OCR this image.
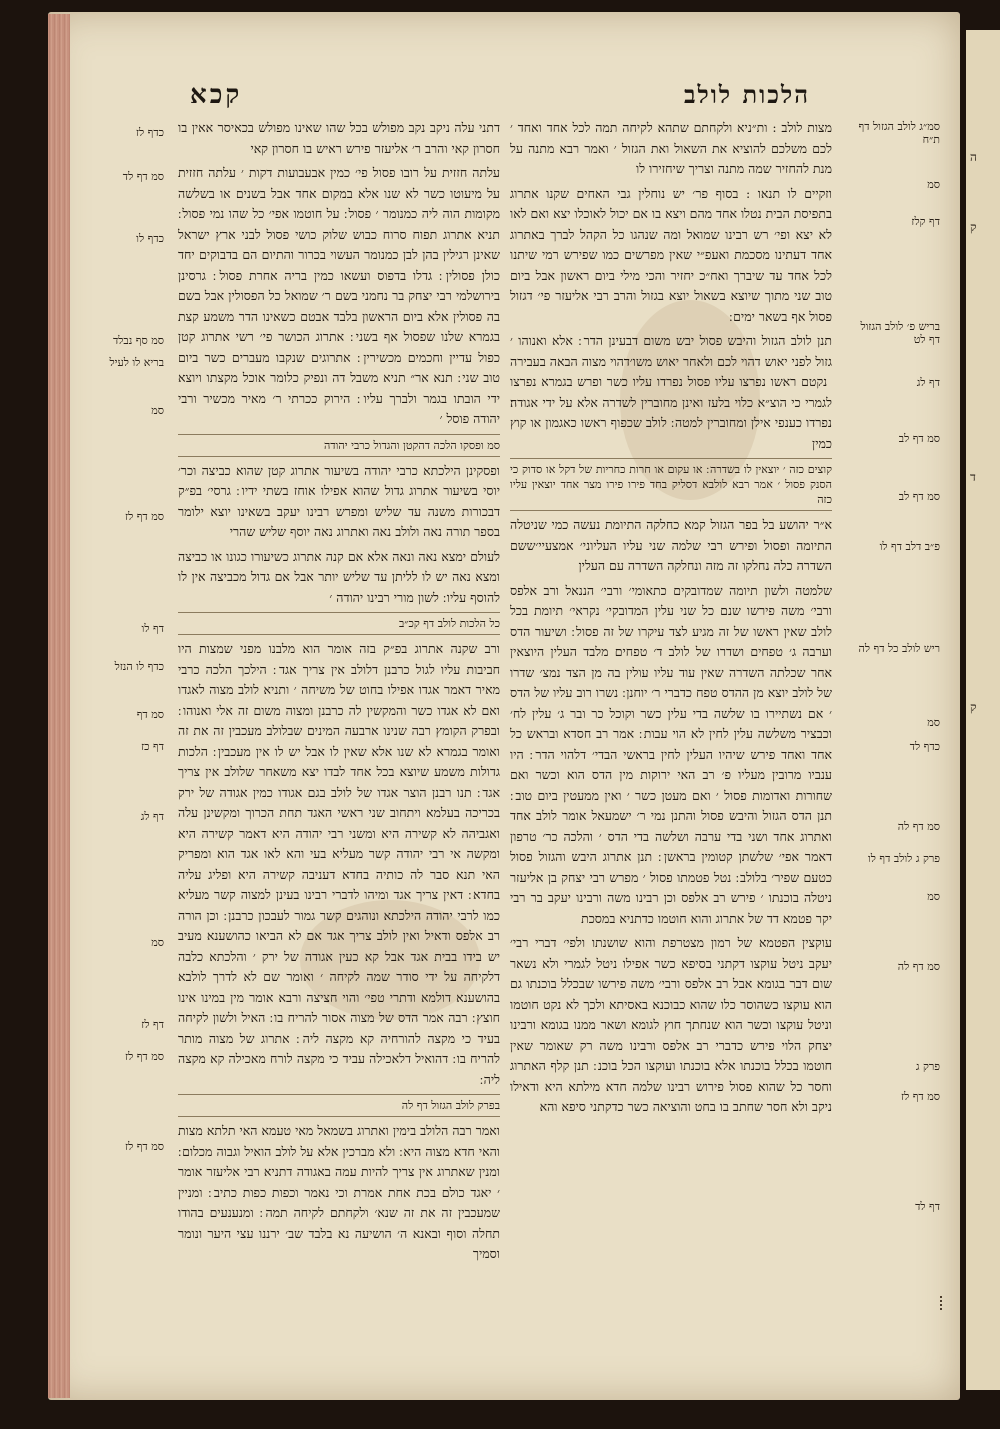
ה
ק
ד
ק
הלכות לולב
קכא

מצות לולב : ות״ניא ולקחתם שתהא לקיחה תמה לכל אחד ואחד ׳ לכם משלכם להוציא את השאול ואת הגזול ׳ ואמר רבא מתנה על מנת להחזיר שמה מתנה וצריך שיחזירו לו

וזקיים לו תנאו : בסוף פר׳ יש נוחלין גבי האחים שקנו אתרוג בתפיסת הבית נטלו אחד מהם ויצא בו אם יכול לאוכלו יצא ואם לאו לא יצא ופי׳ רש רבינו שמואל ומה שנהגו כל הקהל לברך באתרוג אחד דעתינו מסכמת ואעפ״י שאין מפרשים כמו שפירש רמי שיתנו לכל אחד עד שיברך ואח״כ יחזיר והכי מילי ביום ראשון אבל ביום טוב שני מתוך שיוצא בשאול יוצא בגזול והרב רבי אליעזר פי׳ דגזול פסול אף בשאר ימים ׃

תנן לולב הגזול והיבש פסול יבש משום דבעינן הדר ׃ אלא ואנוהו ׳ גזול לפני יאוש דהוי לכם ולאחר יאוש משו׳דהוי מצוה הבאה בעבירה ׃ נקטם ראשו נפרצו עליו פסול נפרדו עליו כשר ופרש בגמרא נפרצו לגמרי כי הוצ״א כלוי בלעז ואינן מחוברין לשדרה אלא על ידי אגודה׃ נפרדו כענפי אילן ומחוברין למטה ׃ לולב שכפוף ראשו כאגמון או קוץ כמין

קוצים כזה ׳ יוצאין לו בשדרה ׃ או עקום או חרות כחריות של דקל או סדוק כי הסנק פסול ׳ אמר רבא לולבא דסליק בחד פירו פירו מצר אחד יוצאין עליו כזה

א״ר יהושע בל בפר הגזול קמא כחלקה התיומת נעשה כמי שניטלה התיומה ופסול ופירש רבי שלמה שני עליו העליוני׳ אמצעיי׳ששם השדרה כלה נחלקו זה מזה ונחלקה השדרה עם העלין

שלמטה ולשון תיומה שמדובקים כתאומי׳ ורבי׳ הננאל ורב אלפס ורבי׳ משה פירשו שנם כל שני עלין המדובקי׳ נקראי׳ תיומת בכל לולב שאין ראשו של זה מגיע לצד עיקרו של זה פסול ׃ ושיעור הדס וערבה ג׳ טפחים ושדרו של לולב ד׳ טפחים מלבד העלין היוצאין אחר שכלתה השדרה שאין עוד עליו עולין בה מן הצד נמצ׳ שדרו של לולב יוצא מן ההדס טפח כדברי ר׳ יוחנן ׃ נשרו רוב עליו של הדס ׳ אם נשתיירו בו שלשה בדי עלין כשר וקוכל כר ובר ג׳ עלין לח׳ וכבציר משלשה עלין לחין לא הוי עבות ׃ אמר רב חסדא ובראש כל אחד ואחד פירש שיהיו העלין לחין בראשי הבדי׳ דלהוי הדר ׃ היו ענביו מרובין מעליו פ׳ רב האי ירוקות מין הדס הוא וכשר ואם שחורות ואדומות פסול ׳ ואם מעטן כשר ׳ ואין ממעטין ביום טוב ׃ תנן הדס הגזול והיבש פסול והתנן נמי ר׳ ישמעאל אומר לולב אחד ואתרוג אחד ושני בדי ערבה ושלשה בדי הדס ׳ והלכה כר׳ טרפון דאמר אפי׳ שלשתן קטומין בראשן ׃ תנן אתרוג היבש והגזול פסול כטעם שפיר׳ בלולב ׃ נטל פטמתו פסול ׳ מפרש רבי יצחק בן אליעזר ניטלה בוכנתו ׳ פירש רב אלפס וכן רבינו משה ורבינו יעקב בר רבי יקר פטמא דד של אתרוג והוא חוטמו כדתניא במסכת

עוקצין הפטמא של רמון מצטרפת והוא שושנתו ולפי׳ דברי רבי׳ יעקב ניטל עוקצו דקתני בסיפא כשר אפילו ניטל לגמרי ולא נשאר שום דבר בגומא אבל רב אלפס ורבי׳ משה פירשו שבכלל בוכנתו גם הוא עוקצו כשהוסר כלו שהוא כבוכנא באסיתא ולכך לא נקט חוטמו וניטל עוקצו וכשר הוא שנחתך חוץ לגומא ושאר ממנו בגומא ורבינו יצחק הלוי פירש כדברי רב אלפס ורבינו משה רק שאומר שאין חוטמו בכלל בוכנתו אלא בוכנתו ועוקצו הכל בוכנ ׃ תנן קלף האתרוג וחסר כל שהוא פסול פירוש רבינו שלמה חדא מילתא היא ודאילו ניקב ולא חסר שחתב בו בחט והוציאה כשר כדקתני סיפא והא

דתני עלה ניקב נקב מפולש בכל שהו שאינו מפולש בכאיסר אאין בו חסרון קאי והרב ר׳ אליעזר פירש ראיש בו חסרון קאי

עלתה חזזית על רובו פסול פי׳ כמין אבעבועות דקות ׳ עלתה חזזית על מיעוטו כשר לא שנו אלא במקום אחד אבל בשנים או בשלשה מקומות הוה ליה כמנומר ׳ פסול ׃ על חוטמו אפי׳ כל שהו נמי פסול ׃ תניא אתרוג תפוח סרוח כבוש שלוק כושי פסול לבני ארץ ישראל שאינן רגילין בהן לבן כמנומר העשוי בכרור והתיום הם בדבוקים יחד כולן פסולין ׃ גדלו בדפוס ועשאו כמין בריה אחרת פסול ׃ גרסינן בירושלמי רבי יצחק בר נחמני בשם ר׳ שמואל כל הפסולין אבל בשם בה פסולין אלא ביום הראשון בלבד אבטם כשאינו הדר משמע קצת בגמרא שלנו שפסול אף בשני ׃ אתרוג הכושר פי׳ רשי אתרוג קטן כפול עדיין וחכמים מכשירין ׃ אתרוגים שנקבו מעברים כשר ביום טוב שני ׃ תנא אר״ תניא משבל דה ונפיק כלומר אוכל מקצתו ויוצא ידי הובתו בגמר ולברך עליו ׃ הירוק ככרתי ר׳ מאיר מכשיר ורבי יהודה פוסל ׳

סמ ופסקו הלכה דהקטן והגדול כרבי יהודה

ופסקינן הילכתא כרבי יהודה בשיעור אתרוג קטן שהוא כביצה וכר׳ יוסי בשיעור אתרוג גדול שהוא אפילו אוחז בשתי ידיו ׃ גרסי׳ בפ״ק דבכורות משנה עד שליש ומפרש רבינו יעקב בשאינו יוצא ילומר בספר תורה נאה ולולב נאה ואתרוג נאה יוסף שליש שהרי

לעולם ימצא נאה ונאה אלא אם קנה אתרוג כשיעורו כגונו או כביצה ומצא נאה יש לו לליתן עד שליש יותר אבל אם גדול מכביצה אין לו להוסף עליו ׃ לשון מורי רבינו יהודה ׳

כל הלכות לולב דף קכ״ב

ורב שקנה אתרוג בפ״ק בזה אומר הוא מלבנו מפני שמצות היו חביבות עליו לגול כרבנן דלולב אין צריך אגד ׃ הילכך הלכה כרבי מאיר דאמר אגדו אפילו בחוט של משיחה ׳ ותניא לולב מצוה לאגדו ואם לא אגדו כשר והמקשין לה כרבנן ומצוה משום זה אלי ואנוהו ׃ ובפרק הקומץ רבה שנינו ארבעה המינים שבלולב מעכבין זה את זה ואומר בגמרא לא שנו אלא שאין לו אבל יש לו אין מעכבין ׃ הלכות גדולות משמע שיוצא בכל אחד לבדו יצא משאחר שלולב אין צריך אגד ׃ תנו רבנן הוצר אגדו של לולב בגם אגודו כמין אגודה של ירק בכריכה בעלמא ויתחוב שני ראשי האגד תחת הכרוך ומקשינן עלה ואגביהה לא קשירה היא ומשני רבי יהודה היא דאמר קשירה היא ומקשה אי רבי יהודה קשר מעליא בעי והא לאו אגד הוא ומפריק האי תנא סבר לה כותיה בחדא דעניבה קשירה היא ופליג עליה בחדא ׃ דאין צריך אגד ומיהו לדברי רבינו בעינן למצוה קשר מעליא כמו לרבי יהודה הילכתא ונוהגים קשר גמור לעבכון כרבנן ׃ וכן הורה רב אלפס ודאיל ואין לולב צריך אגד אם לא הביאו כהושענא מעיב יש בידו בבית אגד אבל קא כעין אגודה של ירק ׳ והלכתא כלבה דלקיחה על ידי סודר שמה לקיחה ׳ ואומר שם לא לדרך לולבא בהושענא דולמא ודתרי טפי׳ והוי חציצה ורבא אומר מין במינו אינו חוצץ ׃ רבה אמר הדס של מצוה אסור להריח בו ׃ האיל ולשון לקיחה בעיד כי מקצה להורחיה קא מקצה ליה ׃ אתרוג של מצוה מותר להריח בו ׃ דהואיל דלאכילה עביד כי מקצה לורח מאכילה קא מקצה ליה ׃

בפרק לולב הגזול דף לה

ואמר רבה הלולב בימין ואתרוג בשמאל מאי טעמא האי תלתא מצות והאי חדא מצוה היא ׃ ולא מברכין אלא על לולב הואיל וגבוה מכלום ׃ ומנין שאתרוג אין צריך להיות עמה באגודה דתניא רבי אליעזר אומר ׳ יאגד כולם בכת אחת אמרת וכי נאמר וכפות כפות כתיב ׃ ומניין שמעכבין זה את זה שנא׳ ולקחתם לקיחה תמה ׃ ומנענעים בהודו תחלה וסוף ובאנא ה׳ הושיעה נא בלבד שב׳ ירננו עצי היער ונומר וסמיך

סמ״ג לולב הגזול דף ת״ח
סמ
דף קלז
בריש פ׳ לולב הגזול דף לט
דף לג
סמ דף לב
סמ דף לב
פ״ב דלב דף לו
ריש לולב כל דף לה
סמ
כדף לד
סמ דף לה
פרק ג לולב דף לו
סמ
סמ דף לה
פרק ג
סמ דף לז
דף לד
כדף לז
סמ דף לד
כדף לו
סמ סף נבלד
בריא לו לעיל
סמ
סמ דף לז
דף לו
כדף לו הנזל
סמ דף
דף כז
דף לג
סמ
דף לז
סמ דף לז
סמ דף לז
